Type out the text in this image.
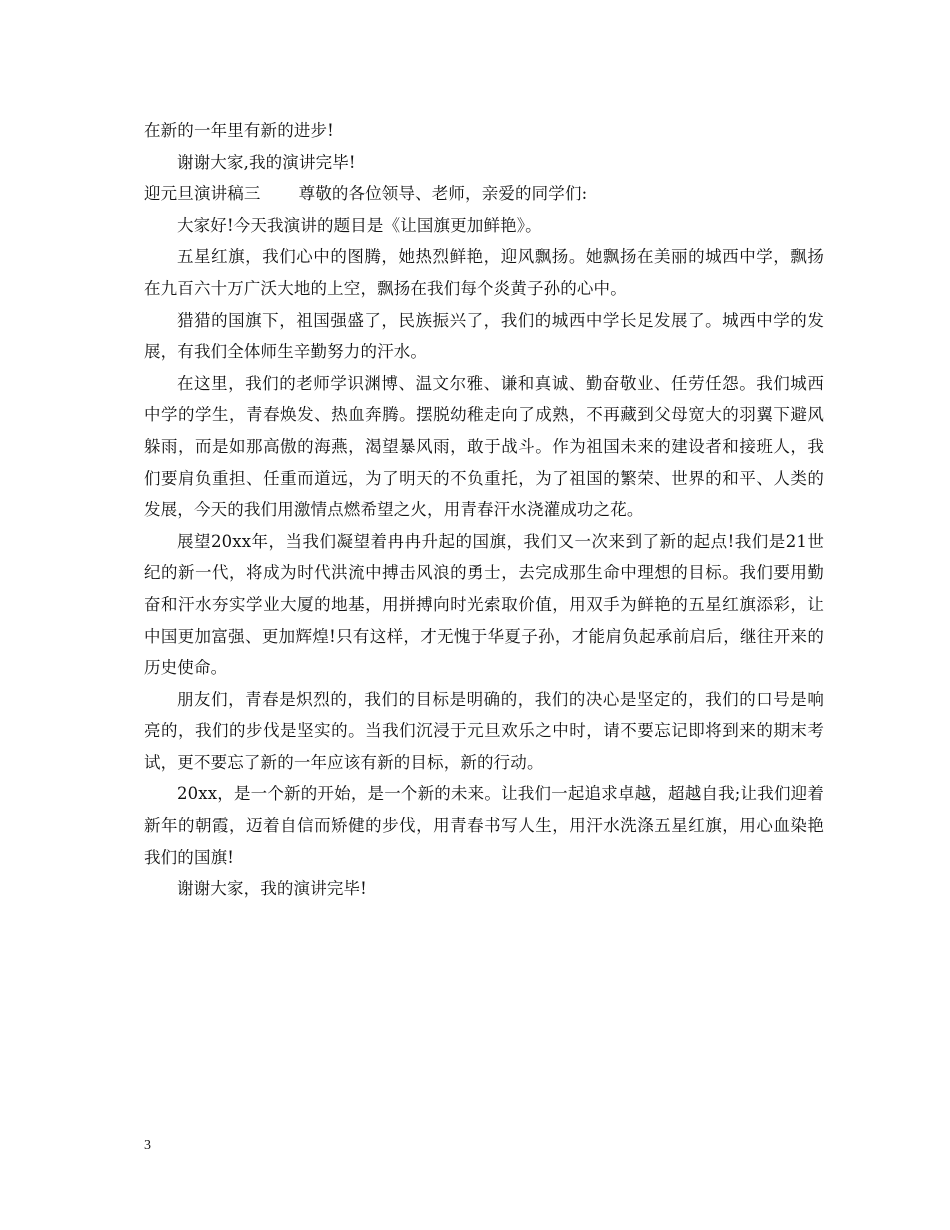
在新的一年里有新的进步!

谢谢大家,我的演讲完毕!

迎元旦演讲稿三 尊敬的各位领导、老师，亲爱的同学们:

大家好!今天我演讲的题目是《让国旗更加鲜艳》。

五星红旗，我们心中的图腾，她热烈鲜艳，迎风飘扬。她飘扬在美丽的城西中学，飘扬在九百六十万广沃大地的上空，飘扬在我们每个炎黄子孙的心中。

猎猎的国旗下，祖国强盛了，民族振兴了，我们的城西中学长足发展了。城西中学的发展，有我们全体师生辛勤努力的汗水。

在这里，我们的老师学识渊博、温文尔雅、谦和真诚、勤奋敬业、任劳任怨。我们城西中学的学生，青春焕发、热血奔腾。摆脱幼稚走向了成熟，不再藏到父母宽大的羽翼下避风躲雨，而是如那高傲的海燕，渴望暴风雨，敢于战斗。作为祖国未来的建设者和接班人，我们要肩负重担、任重而道远，为了明天的不负重托，为了祖国的繁荣、世界的和平、人类的发展，今天的我们用激情点燃希望之火，用青春汗水浇灌成功之花。

展望20xx年，当我们凝望着冉冉升起的国旗，我们又一次来到了新的起点!我们是21世纪的新一代，将成为时代洪流中搏击风浪的勇士，去完成那生命中理想的目标。我们要用勤奋和汗水夯实学业大厦的地基，用拼搏向时光索取价值，用双手为鲜艳的五星红旗添彩，让中国更加富强、更加辉煌!只有这样，才无愧于华夏子孙，才能肩负起承前启后，继往开来的历史使命。

朋友们，青春是炽烈的，我们的目标是明确的，我们的决心是坚定的，我们的口号是响亮的，我们的步伐是坚实的。当我们沉浸于元旦欢乐之中时，请不要忘记即将到来的期末考试，更不要忘了新的一年应该有新的目标，新的行动。

20xx，是一个新的开始，是一个新的未来。让我们一起追求卓越，超越自我;让我们迎着新年的朝霞，迈着自信而矫健的步伐，用青春书写人生，用汗水洗涤五星红旗，用心血染艳我们的国旗!

谢谢大家，我的演讲完毕!

3
